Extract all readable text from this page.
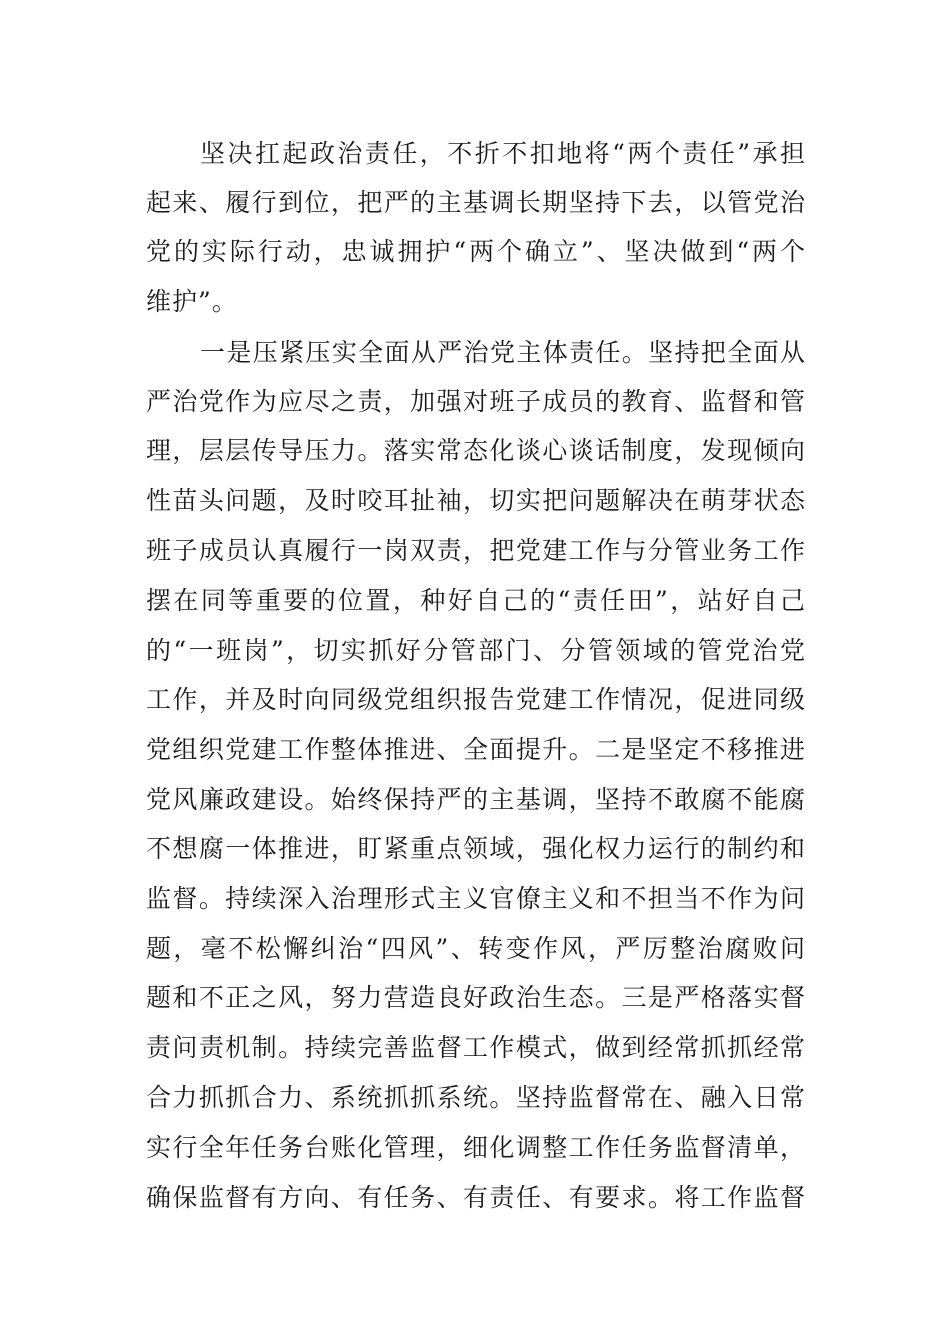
坚决扛起政治责任，不折不扣地将“两个责任”承担
起来、履行到位，把严的主基调长期坚持下去，以管党治
党的实际行动，忠诚拥护“两个确立”、坚决做到“两个
维护”。
一是压紧压实全面从严治党主体责任。坚持把全面从
严治党作为应尽之责，加强对班子成员的教育、监督和管
理，层层传导压力。落实常态化谈心谈话制度，发现倾向
性苗头问题，及时咬耳扯袖，切实把问题解决在萌芽状态
班子成员认真履行一岗双责，把党建工作与分管业务工作
摆在同等重要的位置，种好自己的“责任田”，站好自己
的“一班岗”，切实抓好分管部门、分管领域的管党治党
工作，并及时向同级党组织报告党建工作情况，促进同级
党组织党建工作整体推进、全面提升。二是坚定不移推进
党风廉政建设。始终保持严的主基调，坚持不敢腐不能腐
不想腐一体推进，盯紧重点领域，强化权力运行的制约和
监督。持续深入治理形式主义官僚主义和不担当不作为问
题，毫不松懈纠治“四风”、转变作风，严厉整治腐败问
题和不正之风，努力营造良好政治生态。三是严格落实督
责问责机制。持续完善监督工作模式，做到经常抓抓经常
合力抓抓合力、系统抓抓系统。坚持监督常在、融入日常
实行全年任务台账化管理，细化调整工作任务监督清单，
确保监督有方向、有任务、有责任、有要求。将工作监督
